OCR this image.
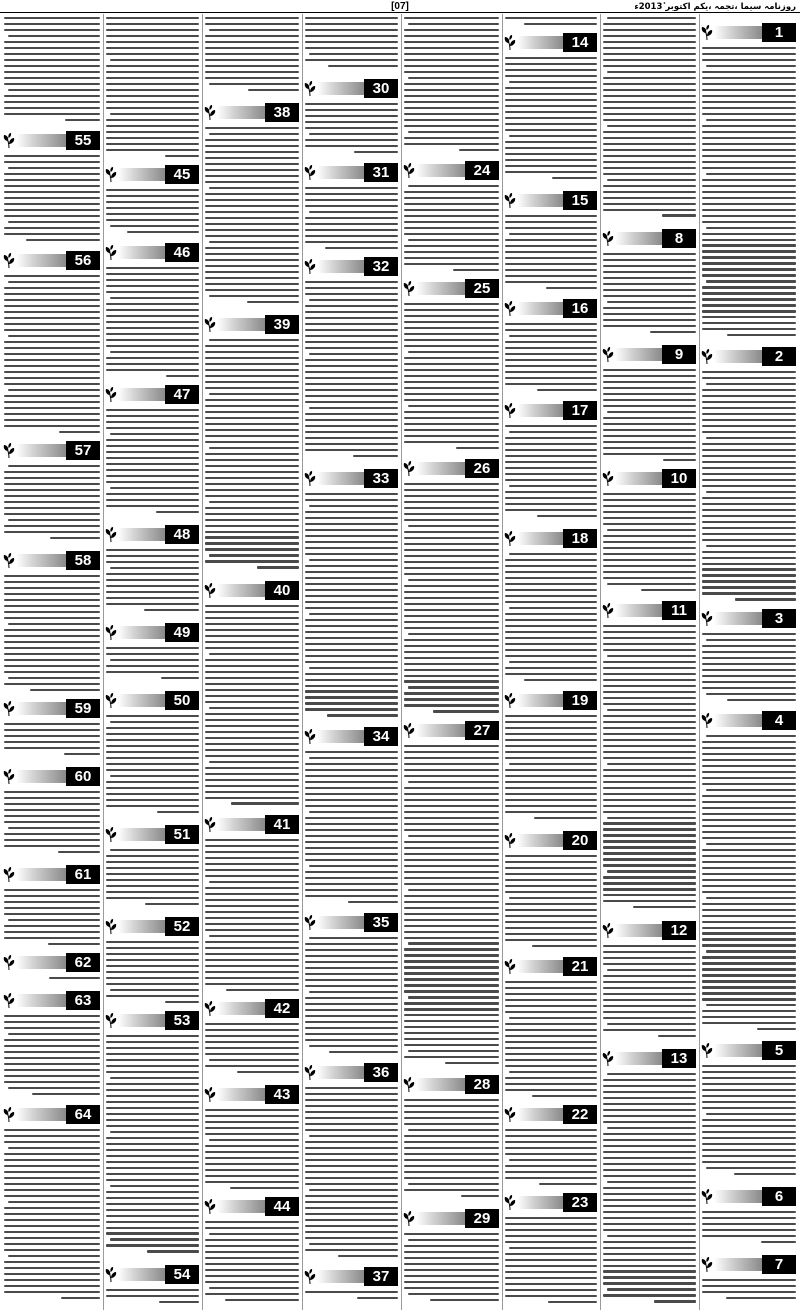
[07]	روزنامہ سیما ،تجمہ ،یکم اکتوبر ٔ2013ء
1
2
3
4
5
6
7
8
9
10
11
12
13
14
15
16
17
18
19
20
21
22
23
24
25
26
27
28
29
30
31
32
33
34
35
36
37
38
39
40
41
42
43
44
45
46
47
48
49
50
51
52
53
54
55
56
57
58
59
60
61
62
63
64
